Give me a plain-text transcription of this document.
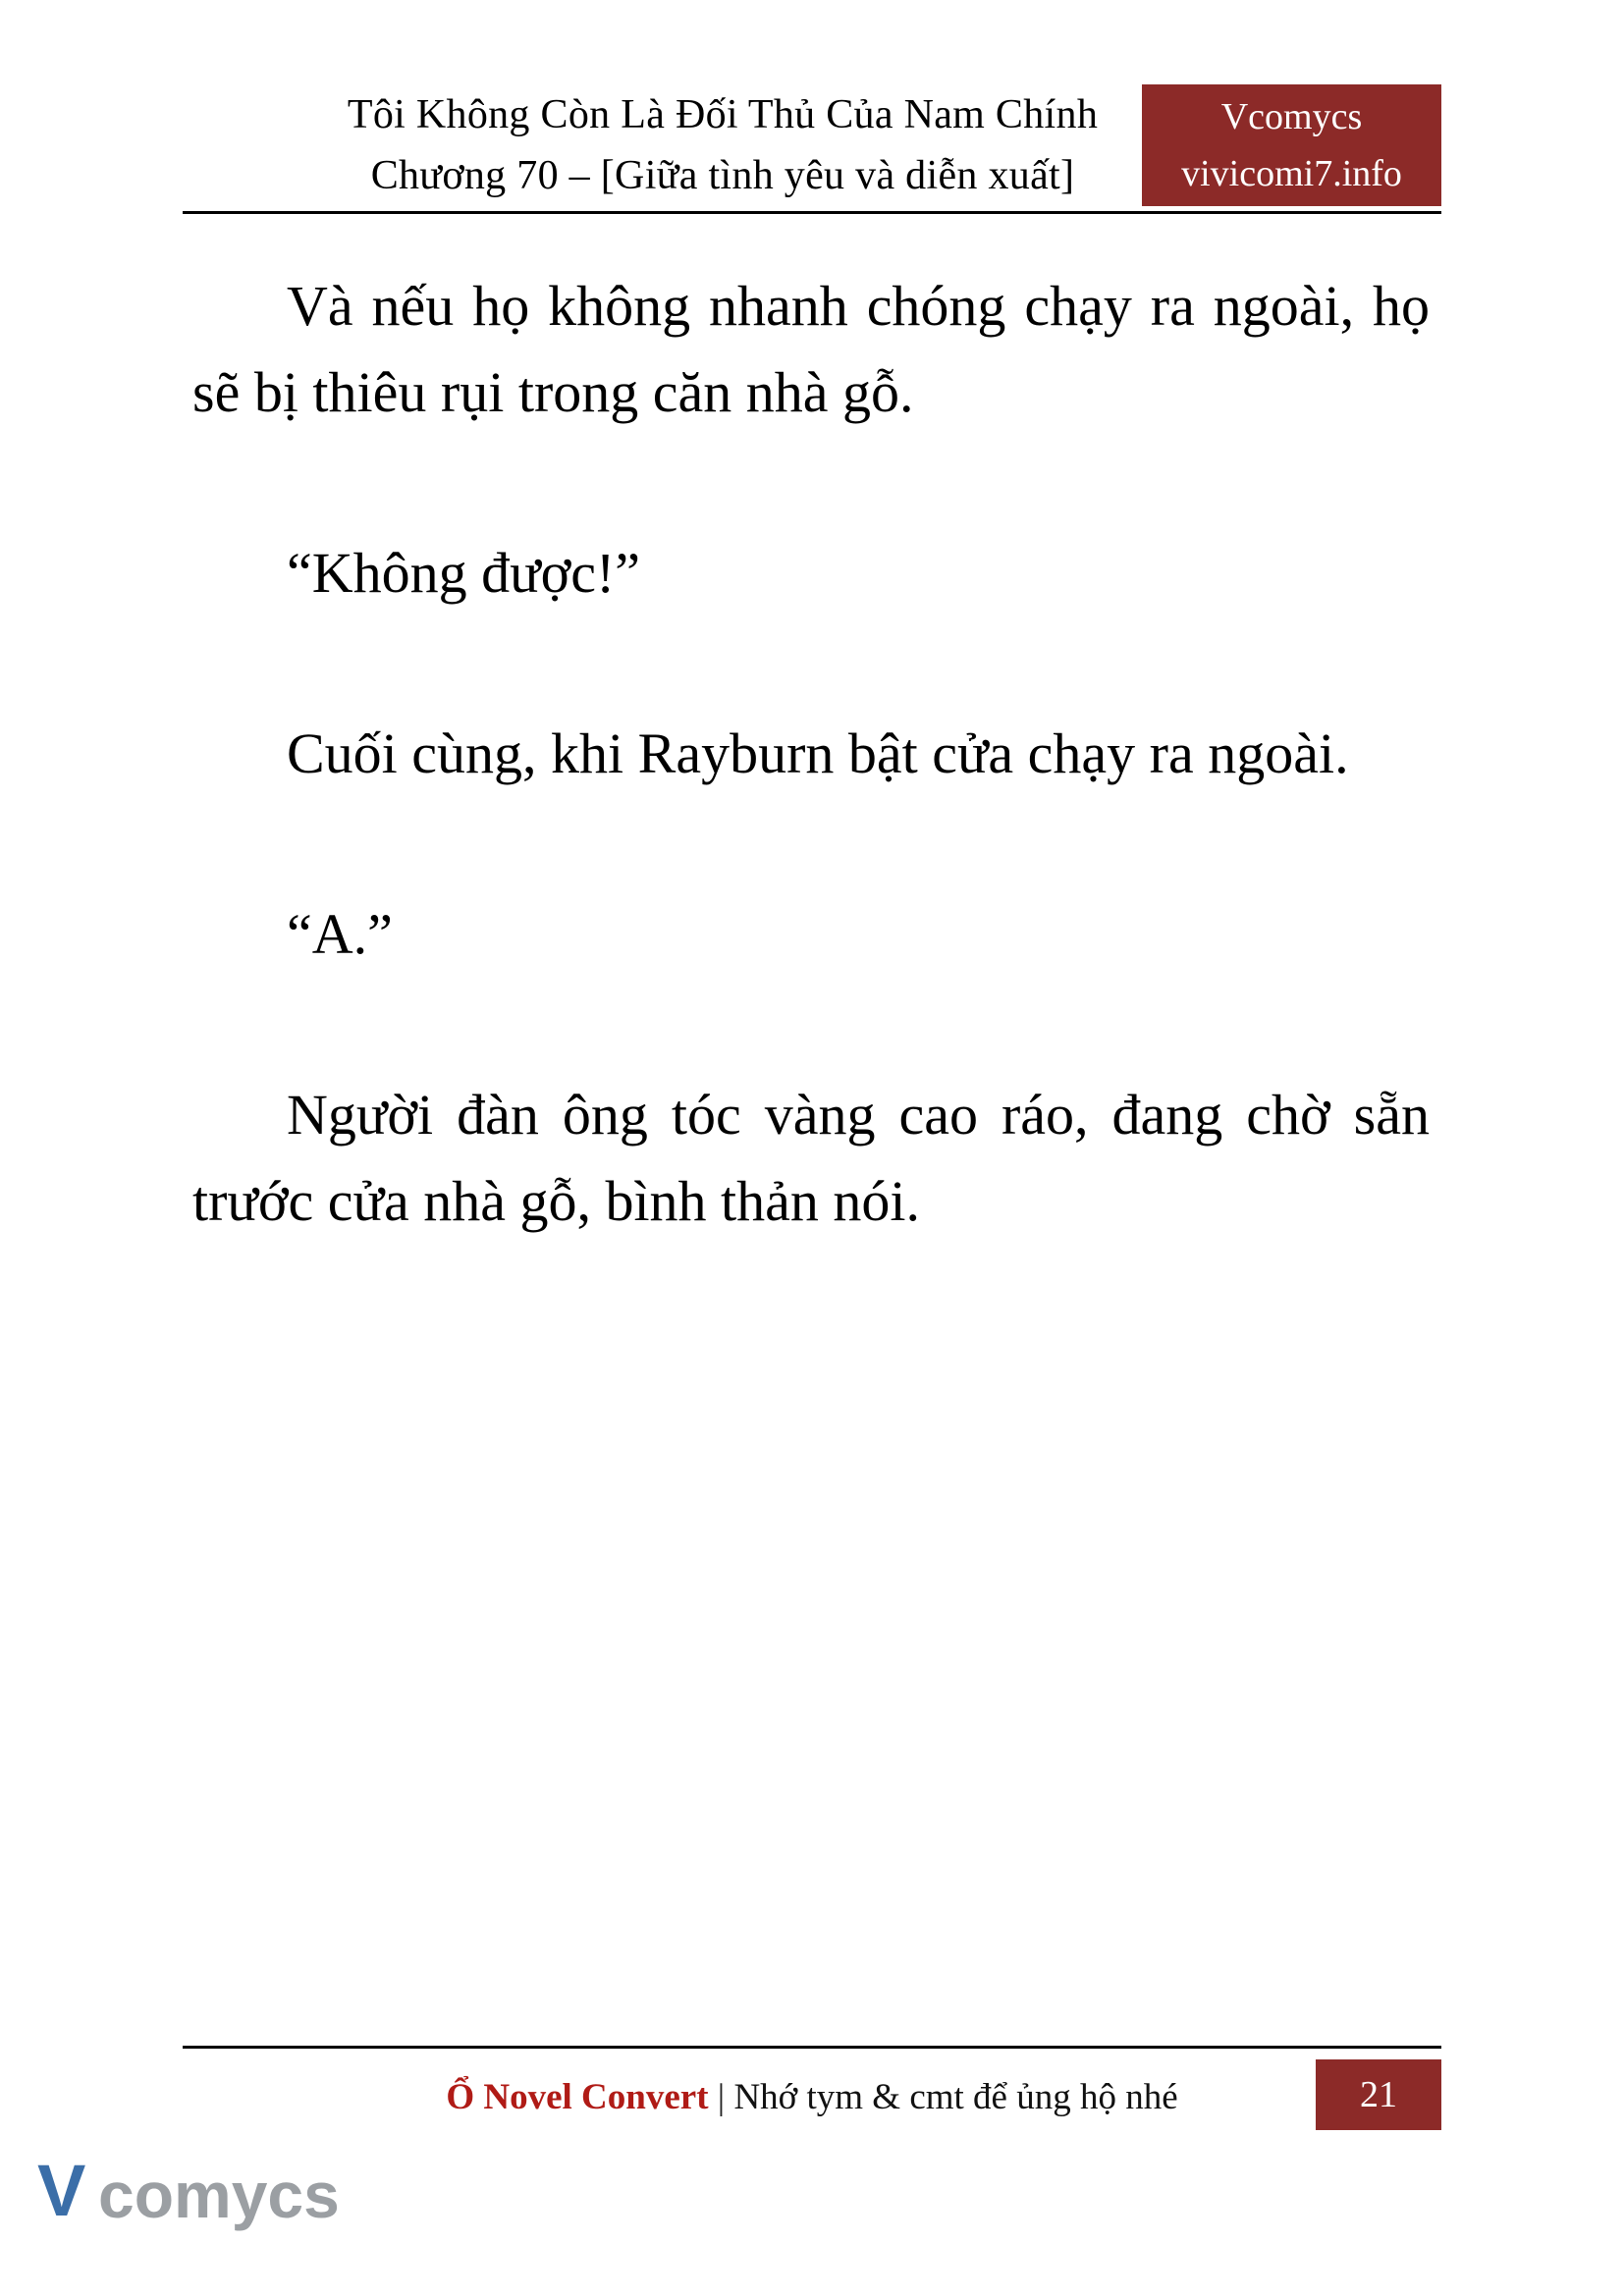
Tôi Không Còn Là Đối Thủ Của Nam Chính
Chương 70 – [Giữa tình yêu và diễn xuất]
Vcomycs
vivicomi7.info

Và nếu họ không nhanh chóng chạy ra ngoài, họ sẽ bị thiêu rụi trong căn nhà gỗ.

“Không được!”

Cuối cùng, khi Rayburn bật cửa chạy ra ngoài.

“A.”

Người đàn ông tóc vàng cao ráo, đang chờ sẵn trước cửa nhà gỗ, bình thản nói.

Ổ Novel Convert | Nhớ tym & cmt để ủng hộ nhé	21
V comycs
